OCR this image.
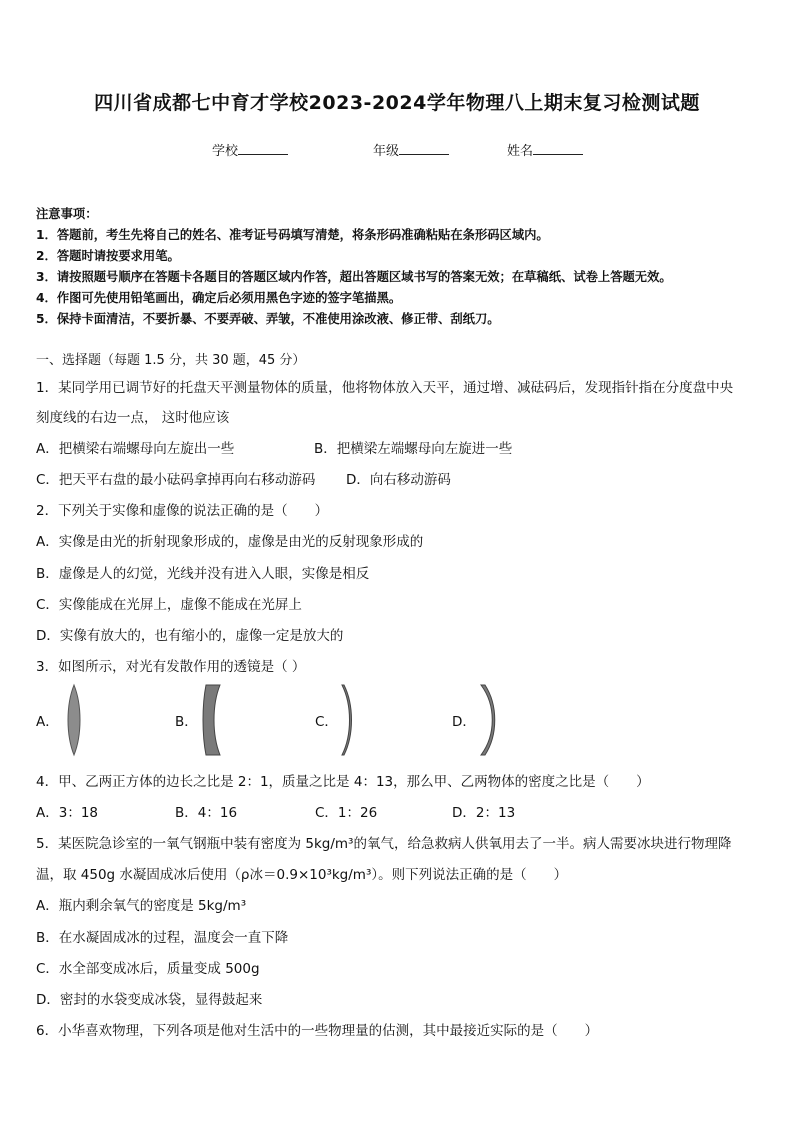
四川省成都七中育才学校2023-2024学年物理八上期末复习检测试题
学校	年级	姓名
注意事项：
1．答题前，考生先将自己的姓名、准考证号码填写清楚，将条形码准确粘贴在条形码区域内。
2．答题时请按要求用笔。
3．请按照题号顺序在答题卡各题目的答题区域内作答，超出答题区域书写的答案无效；在草稿纸、试卷上答题无效。
4．作图可先使用铅笔画出，确定后必须用黑色字迹的签字笔描黑。
5．保持卡面清洁，不要折暴、不要弄破、弄皱，不准使用涂改液、修正带、刮纸刀。
一、选择题（每题 1.5 分，共 30 题，45 分）
1．某同学用已调节好的托盘天平测量物体的质量，他将物体放入天平，通过增、减砝码后，发现指针指在分度盘中央
刻度线的右边一点， 这时他应该
A．把横梁右端螺母向左旋出一些	B．把横梁左端螺母向左旋进一些
C．把天平右盘的最小砝码拿掉再向右移动游码 D．向右移动游码
2．下列关于实像和虚像的说法正确的是（　　）
A．实像是由光的折射现象形成的，虚像是由光的反射现象形成的
B．虚像是人的幻觉，光线并没有进入人眼，实像是相反
C．实像能成在光屏上，虚像不能成在光屏上
D．实像有放大的，也有缩小的，虚像一定是放大的
3．如图所示，对光有发散作用的透镜是（ ）
A．	B．	C．	D．
4．甲、乙两正方体的边长之比是 2：1，质量之比是 4：13，那么甲、乙两物体的密度之比是（　　）
A．3：18	B．4：16	C．1：26	D．2：13
5．某医院急诊室的一氧气钢瓶中装有密度为 5kg/m³的氧气，给急救病人供氧用去了一半。病人需要冰块进行物理降
温，取 450g 水凝固成冰后使用（ρ冰＝0.9×10³kg/m³）。则下列说法正确的是（　　）
A．瓶内剩余氧气的密度是 5kg/m³
B．在水凝固成冰的过程，温度会一直下降
C．水全部变成冰后，质量变成 500g
D．密封的水袋变成冰袋，显得鼓起来
6．小华喜欢物理，下列各项是他对生活中的一些物理量的估测，其中最接近实际的是（　　）
